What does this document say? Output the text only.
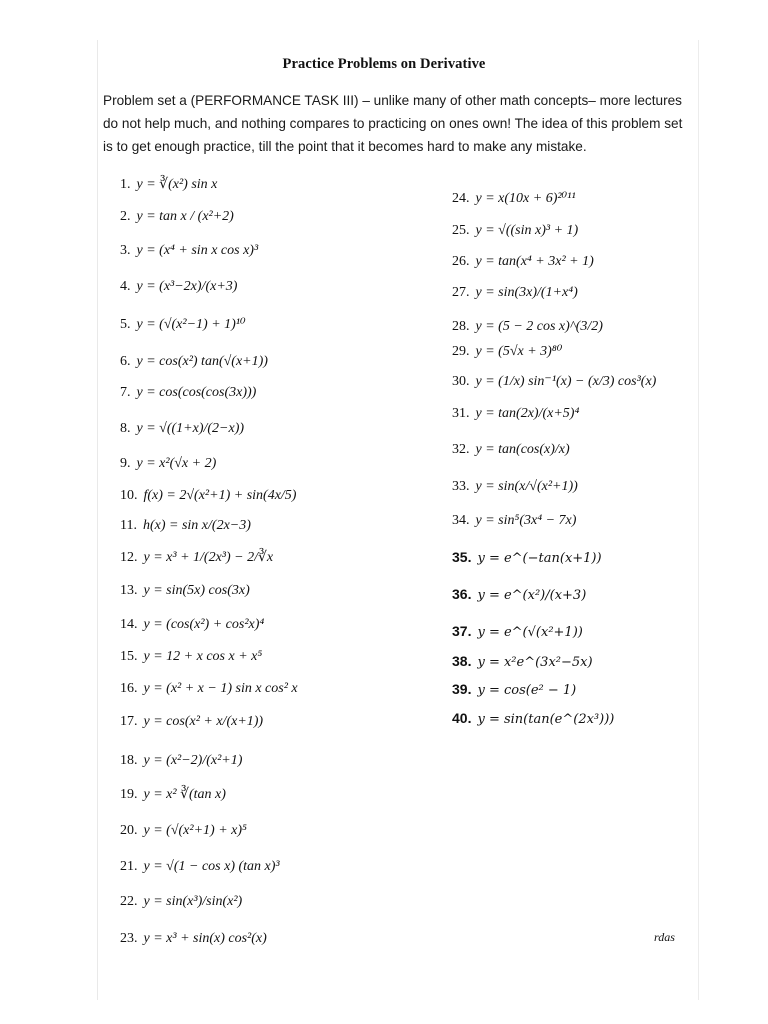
Practice Problems on Derivative

Problem set a (PERFORMANCE TASK III) – unlike many of other math concepts– more lectures do not help much, and nothing compares to practicing on ones own! The idea of this problem set is to get enough practice, till the point that it becomes hard to make any mistake.

1. y = ∛(x²) sin x
2. y = tan x / (x²+2)
3. y = (x⁴ + sin x cos x)³
4. y = (x³−2x)/(x+3)
5. y = (√(x²−1) + 1)¹⁰
6. y = cos(x²) tan(√(x+1))
7. y = cos(cos(cos(3x)))
8. y = √((1+x)/(2−x))
9. y = x²(√x + 2)
10. f(x) = 2√(x²+1) + sin(4x/5)
11. h(x) = sin x/(2x−3)
12. y = x³ + 1/(2x³) − 2/∛x
13. y = sin(5x) cos(3x)
14. y = (cos(x²) + cos²x)⁴
15. y = 12 + x cos x + x⁵
16. y = (x² + x − 1) sin x cos² x
17. y = cos(x² + x/(x+1))
18. y = (x²−2)/(x²+1)
19. y = x² ∛(tan x)
20. y = (√(x²+1) + x)⁵
21. y = √(1 − cos x) (tan x)³
22. y = sin(x³)/sin(x²)
23. y = x³ + sin(x) cos²(x)
24. y = x(10x + 6)²⁰¹¹
25. y = √((sin x)³ + 1)
26. y = tan(x⁴ + 3x² + 1)
27. y = sin(3x)/(1+x⁴)
28. y = (5 − 2 cos x)^(3/2)
29. y = (5√x + 3)⁸⁰
30. y = (1/x) sin⁻¹(x) − (x/3) cos³(x)
31. y = tan(2x)/(x+5)⁴
32. y = tan(cos(x)/x)
33. y = sin(x/√(x²+1))
34. y = sin⁵(3x⁴ − 7x)
35. y = e^(−tan(x+1))
36. y = e^(x²)/(x+3)
37. y = e^(√(x²+1))
38. y = x²e^(3x²−5x)
39. y = cos(e² − 1)
40. y = sin(tan(e^(2x³)))
rdas
